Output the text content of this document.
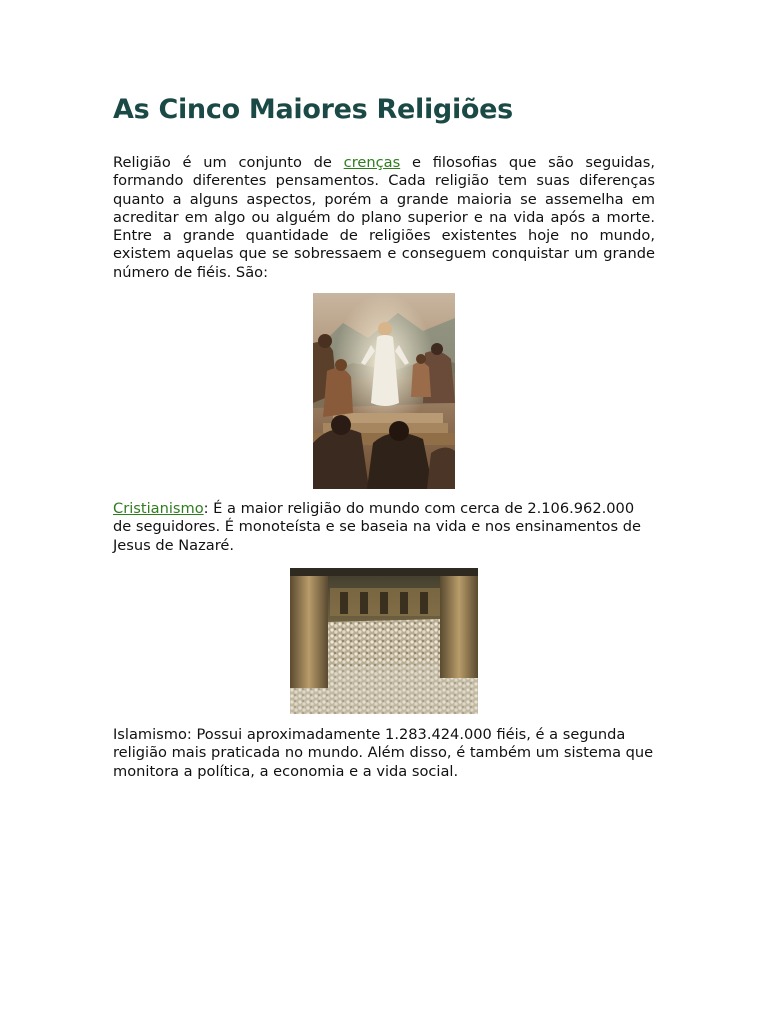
As Cinco Maiores Religiões

Religião é um conjunto de crenças e filosofias que são seguidas, formando diferentes pensamentos. Cada religião tem suas diferenças quanto a alguns aspectos, porém a grande maioria se assemelha em acreditar em algo ou alguém do plano superior e na vida após a morte. Entre a grande quantidade de religiões existentes hoje no mundo, existem aquelas que se sobressaem e conseguem conquistar um grande número de fiéis. São:

Cristianismo: É a maior religião do mundo com cerca de 2.106.962.000 de seguidores. É monoteísta e se baseia na vida e nos ensinamentos de Jesus de Nazaré.

Islamismo: Possui aproximadamente 1.283.424.000 fiéis, é a segunda religião mais praticada no mundo. Além disso, é também um sistema que monitora a política, a economia e a vida social.
